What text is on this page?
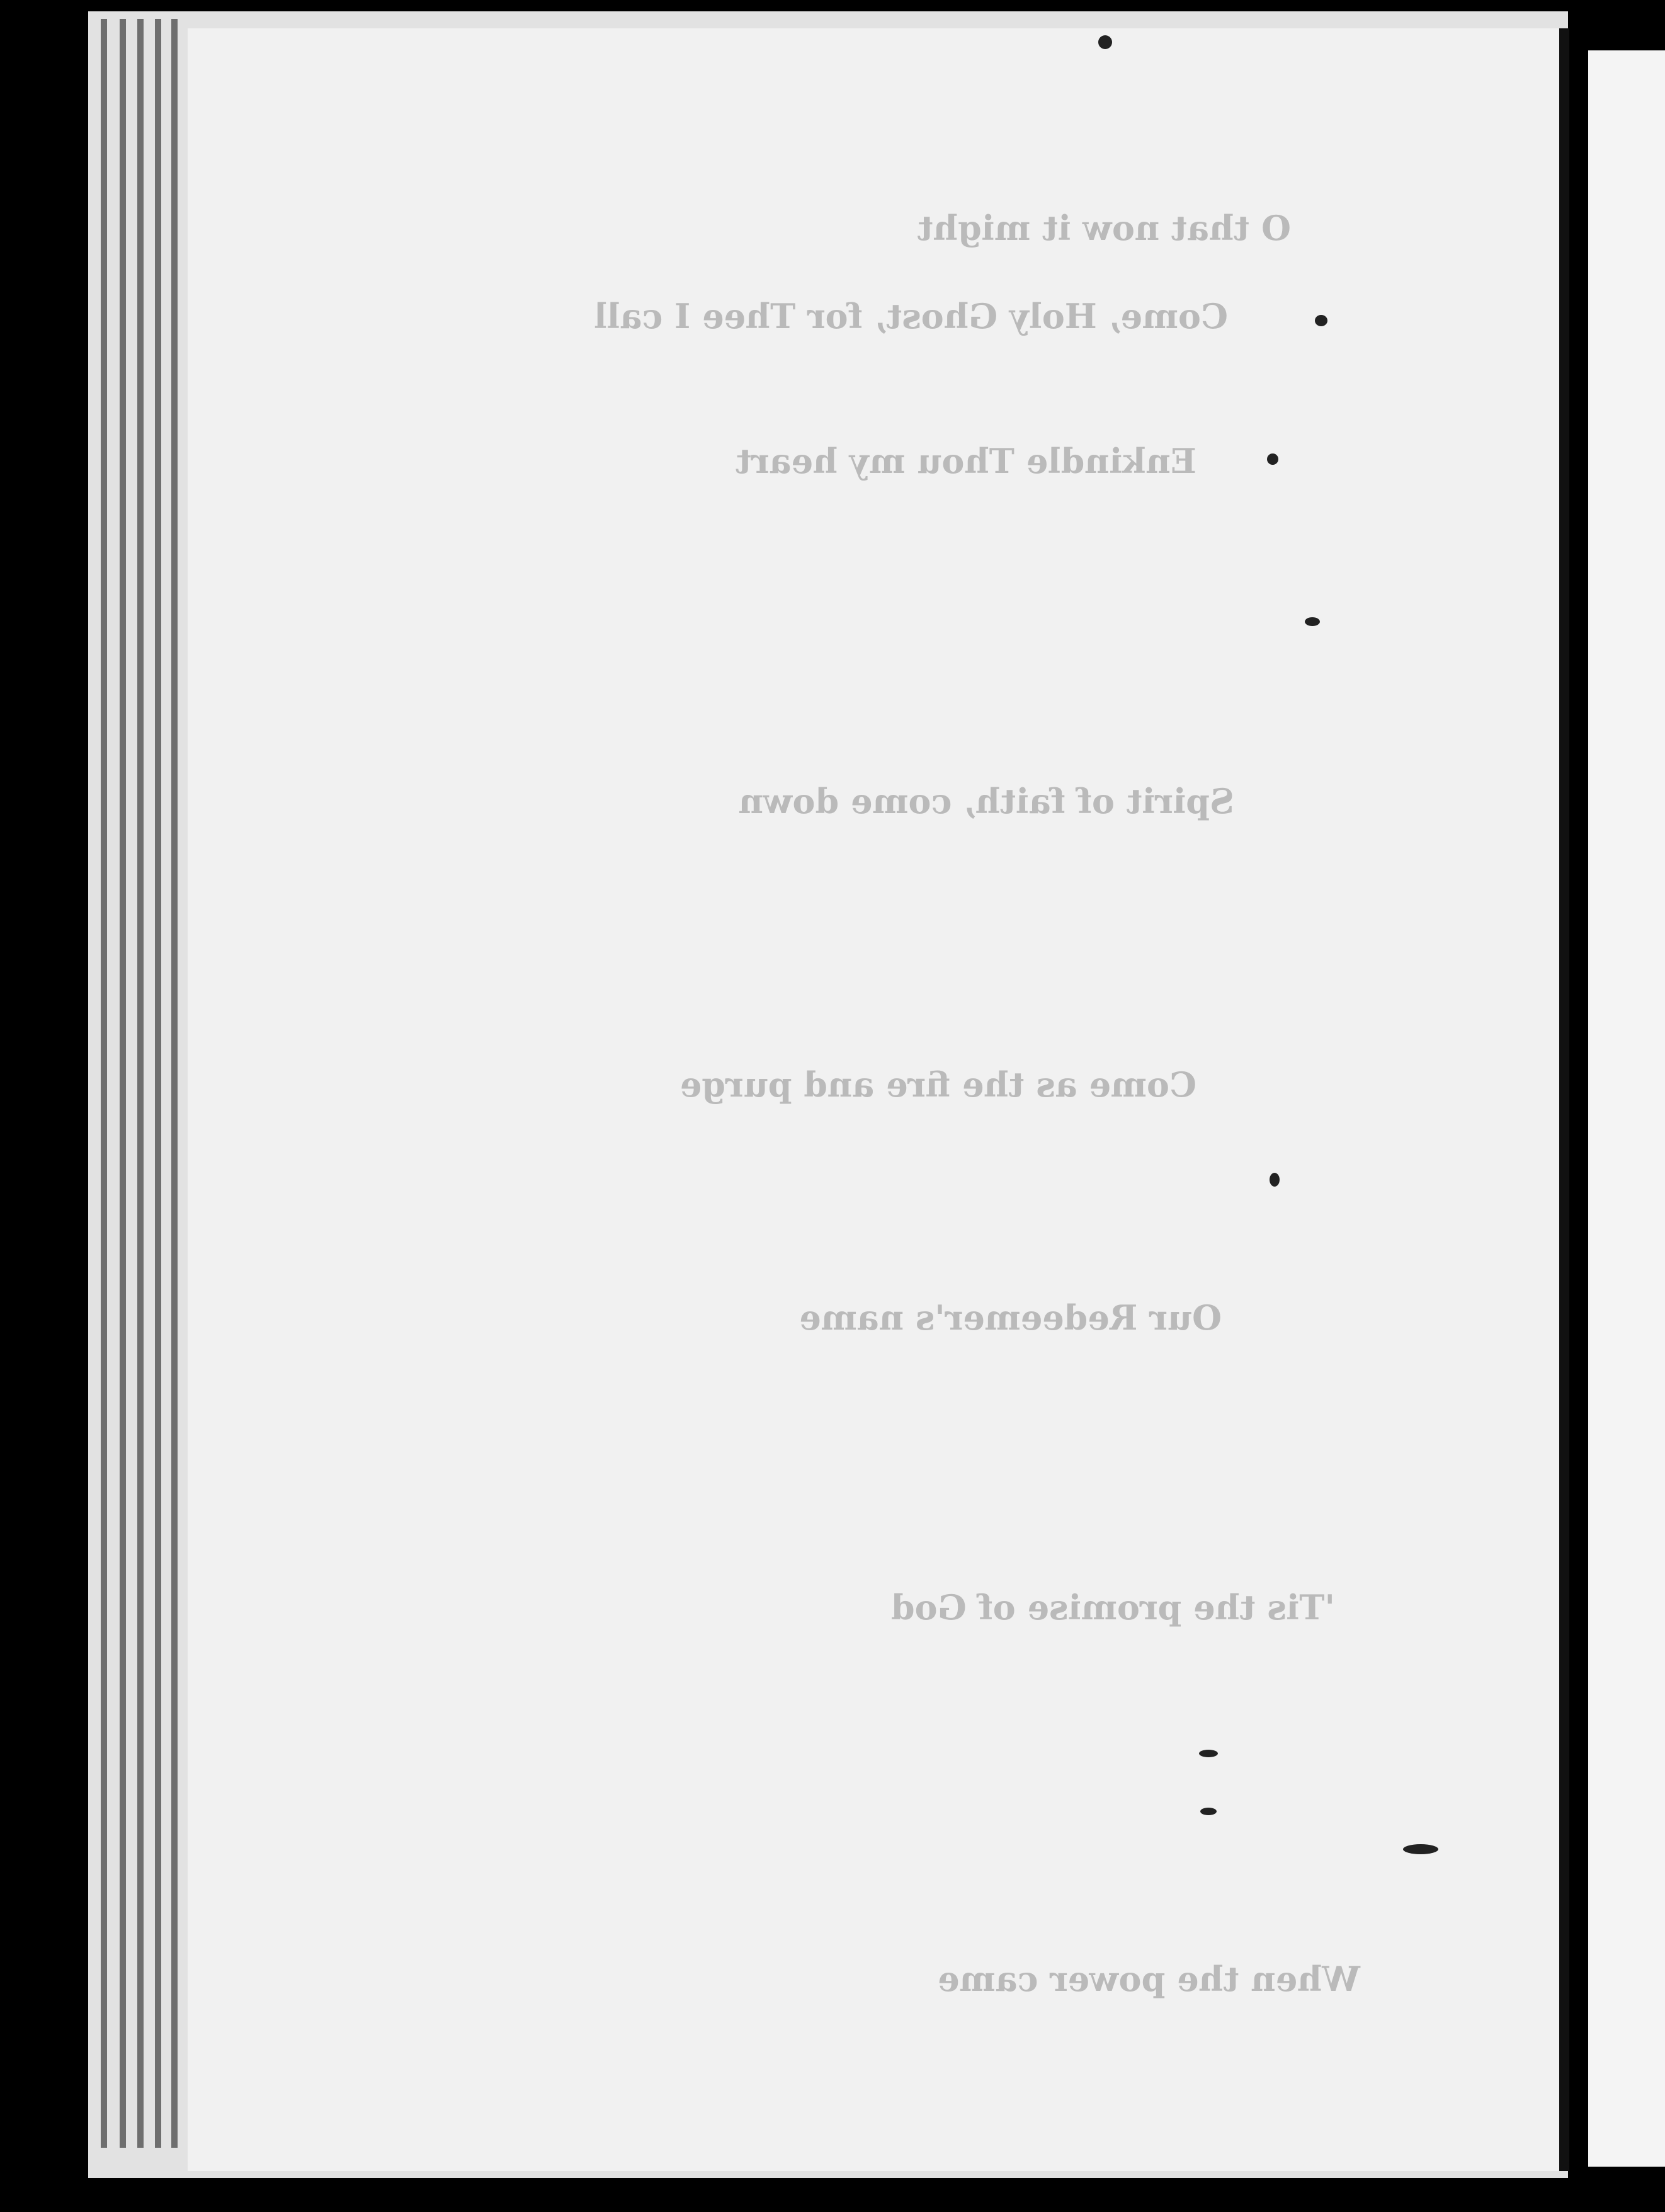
O that now it might
Come, Holy Ghost, for Thee I call
Enkindle Thou my heart
Spirit of faith, come down
Come as the fire and purge
Our Redeemer's name
'Tis the promise of God
When the power came
